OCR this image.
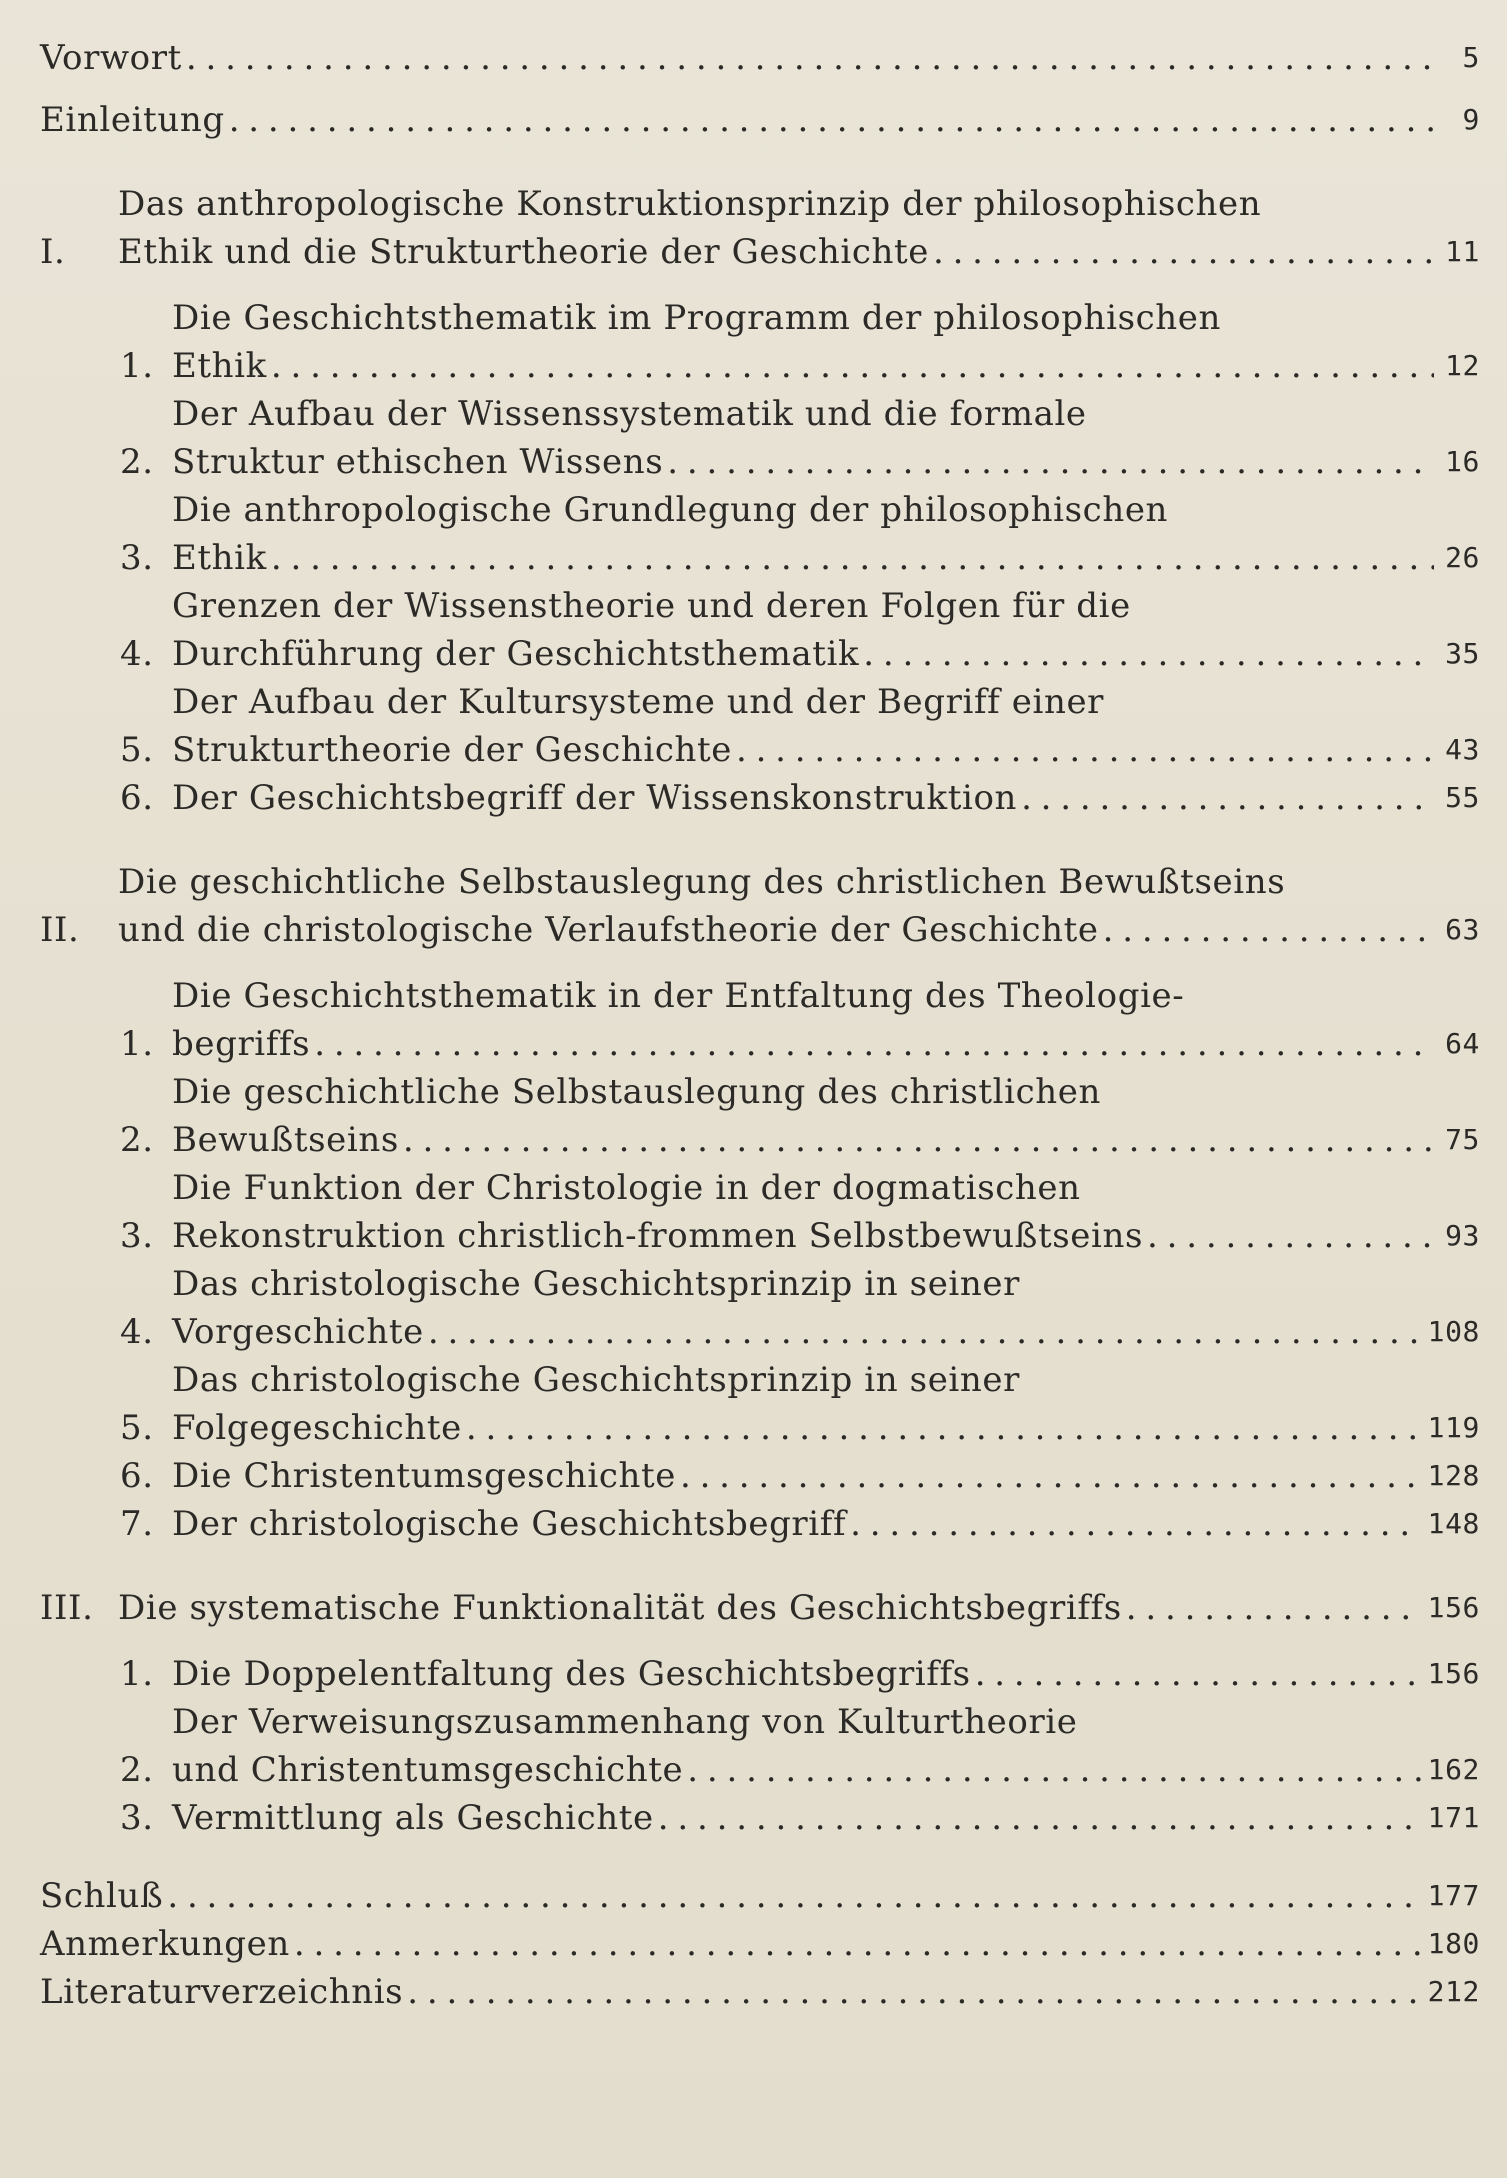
Vorwort . . .	5
Einleitung . . .	9
I.
Das anthropologische Konstruktionsprinzip der philosophischen
Ethik und die Strukturtheorie der Geschichte . . .	11
1.
Die Geschichtsthematik im Programm der philosophischen
Ethik . . .	12
2.
Der Aufbau der Wissenssystematik und die formale
Struktur ethischen Wissens . . .	16
3.
Die anthropologische Grundlegung der philosophischen
Ethik . . .	26
4.
Grenzen der Wissenstheorie und deren Folgen für die
Durchführung der Geschichtsthematik . . .	35
5.
Der Aufbau der Kultursysteme und der Begriff einer
Strukturtheorie der Geschichte . . .	43
6. Der Geschichtsbegriff der Wissenskonstruktion . . .	55
II.
Die geschichtliche Selbstauslegung des christlichen Bewußtseins
und die christologische Verlaufstheorie der Geschichte . . .	63
1.
Die Geschichtsthematik in der Entfaltung des Theologie-
begriffs . . .	64
2.
Die geschichtliche Selbstauslegung des christlichen
Bewußtseins . . .	75
3.
Die Funktion der Christologie in der dogmatischen
Rekonstruktion christlich-frommen Selbstbewußtseins . . .	93
4.
Das christologische Geschichtsprinzip in seiner
Vorgeschichte . . .	108
5.
Das christologische Geschichtsprinzip in seiner
Folgegeschichte . . .	119
6. Die Christentumsgeschichte . . .	128
7. Der christologische Geschichtsbegriff . . .	148
III. Die systematische Funktionalität des Geschichtsbegriffs . . .	156
1. Die Doppelentfaltung des Geschichtsbegriffs . . .	156
2.
Der Verweisungszusammenhang von Kulturtheorie
und Christentumsgeschichte . . .	162
3. Vermittlung als Geschichte . . .	171
Schluß . . .	177
Anmerkungen . . .	180
Literaturverzeichnis . . .	212
